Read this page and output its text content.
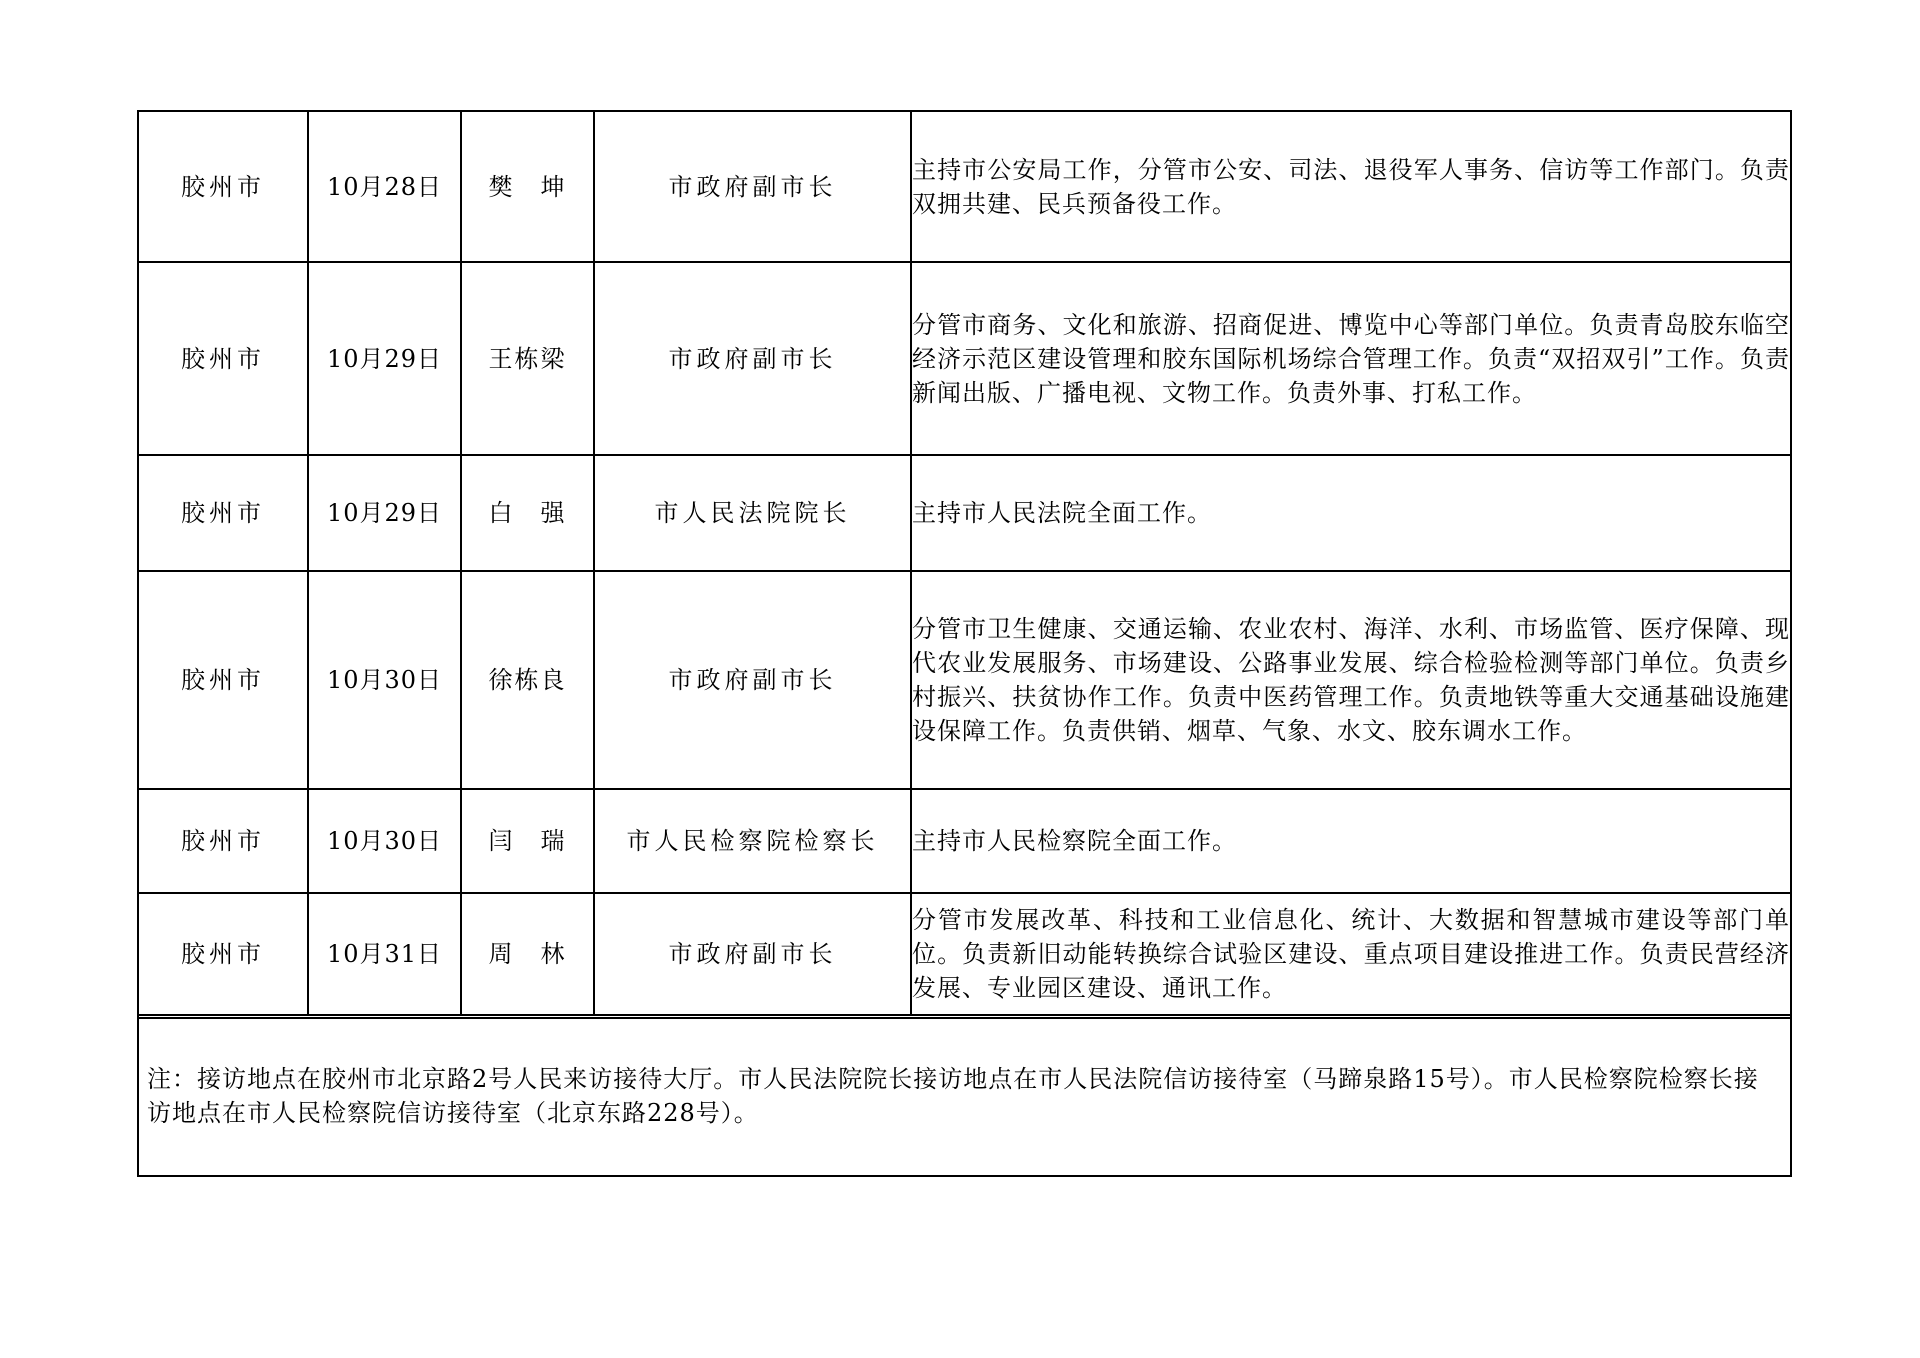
胶州市	10月28日	樊　坤	市政府副市长	主持市公安局工作，分管市公安、司法、退役军人事务、信访等工作部门。负责双拥共建、民兵预备役工作。
胶州市	10月29日	王栋梁	市政府副市长	分管市商务、文化和旅游、招商促进、博览中心等部门单位。负责青岛胶东临空经济示范区建设管理和胶东国际机场综合管理工作。负责“双招双引”工作。负责新闻出版、广播电视、文物工作。负责外事、打私工作。
胶州市	10月29日	白　强	市人民法院院长	主持市人民法院全面工作。
胶州市	10月30日	徐栋良	市政府副市长	分管市卫生健康、交通运输、农业农村、海洋、水利、市场监管、医疗保障、现代农业发展服务、市场建设、公路事业发展、综合检验检测等部门单位。负责乡村振兴、扶贫协作工作。负责中医药管理工作。负责地铁等重大交通基础设施建设保障工作。负责供销、烟草、气象、水文、胶东调水工作。
胶州市	10月30日	闫　瑞	市人民检察院检察长	主持市人民检察院全面工作。
胶州市	10月31日	周　林	市政府副市长	分管市发展改革、科技和工业信息化、统计、大数据和智慧城市建设等部门单位。负责新旧动能转换综合试验区建设、重点项目建设推进工作。负责民营经济发展、专业园区建设、通讯工作。
注：接访地点在胶州市北京路2号人民来访接待大厅。市人民法院院长接访地点在市人民法院信访接待室（马蹄泉路15号）。市人民检察院检察长接访地点在市人民检察院信访接待室（北京东路228号）。
